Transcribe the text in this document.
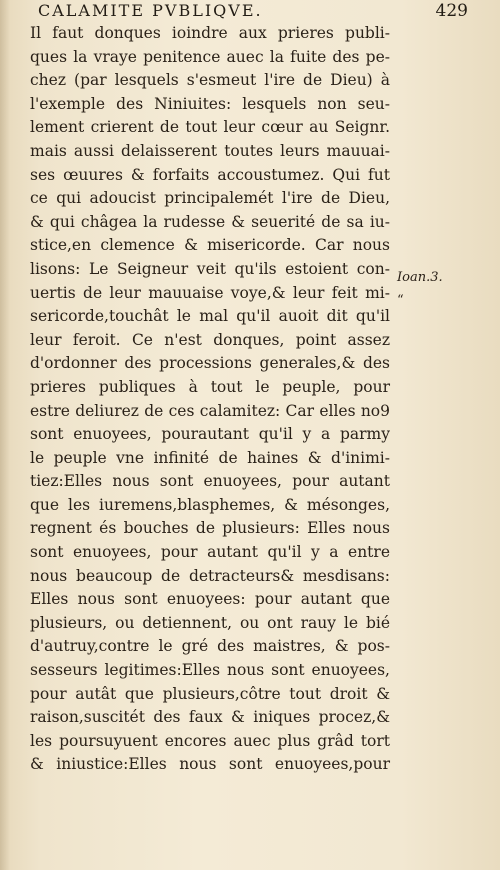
CALAMITE PVBLIQVE.	429
Il faut donques ioindre aux prieres publi-
ques la vraye penitence auec la fuite des pe-
chez (par lesquels s'esmeut l'ire de Dieu) à
l'exemple des Niniuites: lesquels non seu-
lement crierent de tout leur cœur au Seignr.
mais aussi delaisserent toutes leurs mauuai-
ses œuures & forfaits accoustumez. Qui fut
ce qui adoucist principalemét l'ire de Dieu,
& qui châgea la rudesse & seuerité de sa iu-
stice,en clemence & misericorde. Car nous
lisons: Le Seigneur veit qu'ils estoient con-
uertis de leur mauuaise voye,& leur feit mi-
sericorde,touchât le mal qu'il auoit dit qu'il
leur feroit. Ce n'est donques, point assez
d'ordonner des processions generales,& des
prieres publiques à tout le peuple, pour
estre deliurez de ces calamitez: Car elles no9
sont enuoyees, pourautant qu'il y a parmy
le peuple vne infinité de haines & d'inimi-
tiez:Elles nous sont enuoyees, pour autant
que les iuremens,blasphemes, & mésonges,
regnent és bouches de plusieurs: Elles nous
sont enuoyees, pour autant qu'il y a entre
nous beaucoup de detracteurs& mesdisans:
Elles nous sont enuoyees: pour autant que
plusieurs, ou detiennent, ou ont rauy le bié
d'autruy,contre le gré des maistres, & pos-
sesseurs legitimes:Elles nous sont enuoyees,
pour autât que plusieurs,côtre tout droit &
raison,suscitét des faux & iniques procez,&
les poursuyuent encores auec plus grâd tort
& iniustice:Elles nous sont enuoyees,pour
Ioan.3.
“
